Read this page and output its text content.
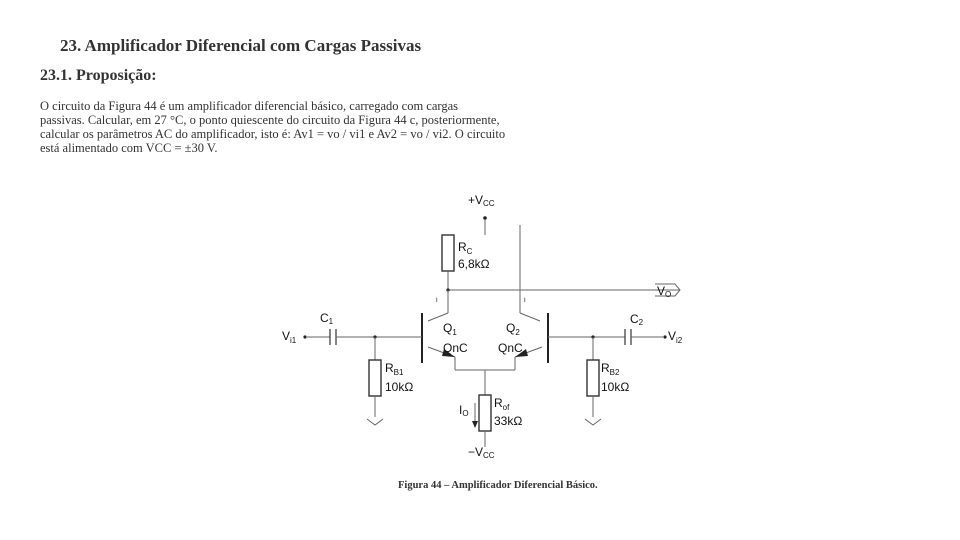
23. Amplificador Diferencial com Cargas Passivas
23.1. Proposição:
O circuito da Figura 44 é um amplificador diferencial básico, carregado com cargas
passivas. Calcular, em 27 °C, o ponto quiescente do circuito da Figura 44 c, posteriormente,
calcular os parâmetros AC do amplificador, isto é: Av1 = vo / vi1 e Av2 = vo / vi2. O circuito
está alimentado com VCC = ±30 V.
+VCC
$R_C$
6,8kΩ
VO
I	I
C1	C2
$V_{i1}$	$V_{i2}$
$Q_1$	$Q_2$
QnC	QnC
$R_{B1}$
10kΩ
$R_{B2}$
10kΩ
$R_{of}$
33kΩ
IO
−VCC
Figura 44 – Amplificador Diferencial Básico.
